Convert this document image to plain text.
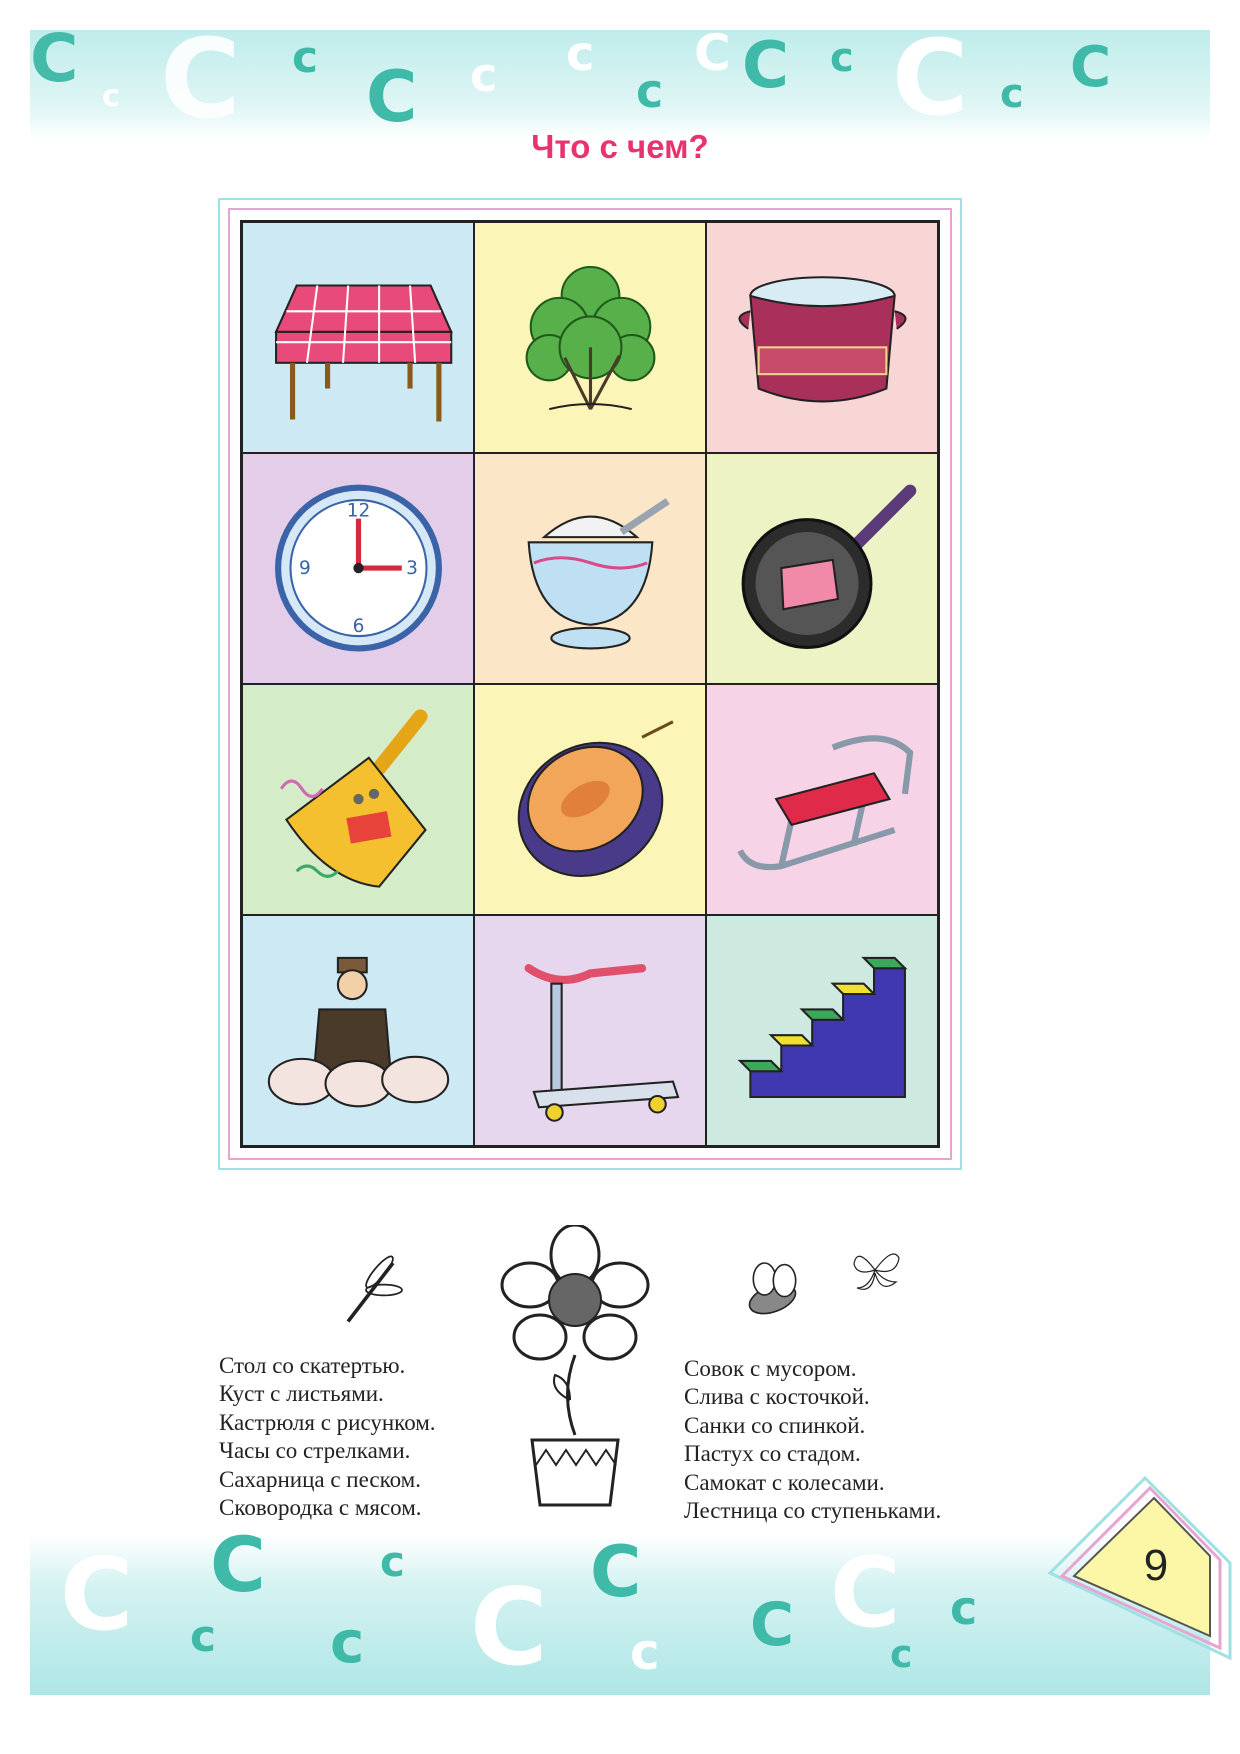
C c C c C c c
c
C C c C c C
Что с чем?
12
3
6
9
Стол со скатертью.
Куст с листьями.
Кастрюля с рисунком.
Часы со стрелками.
Сахарница с песком.
Сковородка с мясом.
Совок с мусором.
Слива с косточкой.
Санки со спинкой.
Пастух со стадом.
Самокат с колесами.
Лестница со ступеньками.
C C
c c
c
C C
c C C c
c
9
